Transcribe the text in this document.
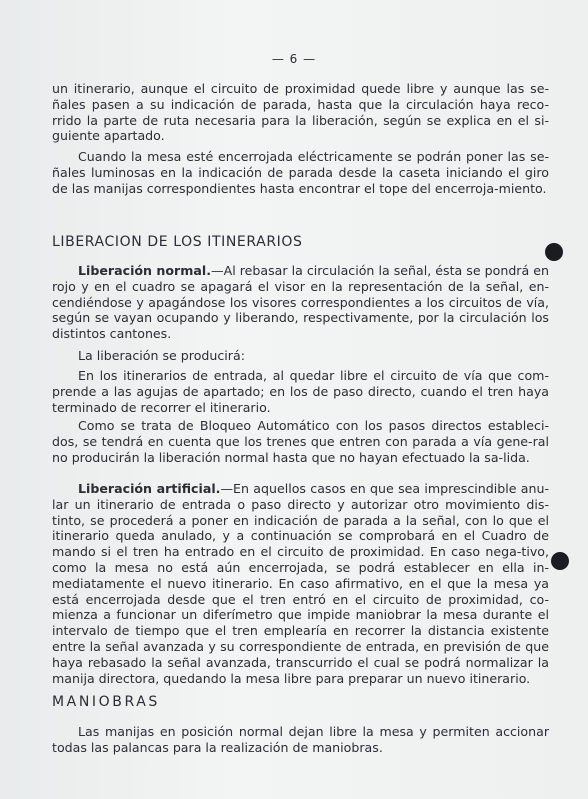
— 6 —

un itinerario, aunque el circuito de proximidad quede libre y aunque las se-ñales pasen a su indicación de parada, hasta que la circulación haya reco-rrido la parte de ruta necesaria para la liberación, según se explica en el si-guiente apartado.

Cuando la mesa esté encerrojada eléctricamente se podrán poner las se-ñales luminosas en la indicación de parada desde la caseta iniciando el giro de las manijas correspondientes hasta encontrar el tope del encerroja-miento.

LIBERACION DE LOS ITINERARIOS

Liberación normal.—Al rebasar la circulación la señal, ésta se pondrá en rojo y en el cuadro se apagará el visor en la representación de la señal, en-cendiéndose y apagándose los visores correspondientes a los circuitos de vía, según se vayan ocupando y liberando, respectivamente, por la circulación los distintos cantones.

La liberación se producirá:

En los itinerarios de entrada, al quedar libre el circuito de vía que com-prende a las agujas de apartado; en los de paso directo, cuando el tren haya terminado de recorrer el itinerario.

Como se trata de Bloqueo Automático con los pasos directos estableci-dos, se tendrá en cuenta que los trenes que entren con parada a vía gene-ral no producirán la liberación normal hasta que no hayan efectuado la sa-lida.

Liberación artificial.—En aquellos casos en que sea imprescindible anu-lar un itinerario de entrada o paso directo y autorizar otro movimiento dis-tinto, se procederá a poner en indicación de parada a la señal, con lo que el itinerario queda anulado, y a continuación se comprobará en el Cuadro de mando si el tren ha entrado en el circuito de proximidad. En caso nega-tivo, como la mesa no está aún encerrojada, se podrá establecer en ella in-mediatamente el nuevo itinerario. En caso afirmativo, en el que la mesa ya está encerrojada desde que el tren entró en el circuito de proximidad, co-mienza a funcionar un diferímetro que impide maniobrar la mesa durante el intervalo de tiempo que el tren emplearía en recorrer la distancia existente entre la señal avanzada y su correspondiente de entrada, en previsión de que haya rebasado la señal avanzada, transcurrido el cual se podrá normalizar la manija directora, quedando la mesa libre para preparar un nuevo itinerario.

MANIOBRAS

Las manijas en posición normal dejan libre la mesa y permiten accionar todas las palancas para la realización de maniobras.
